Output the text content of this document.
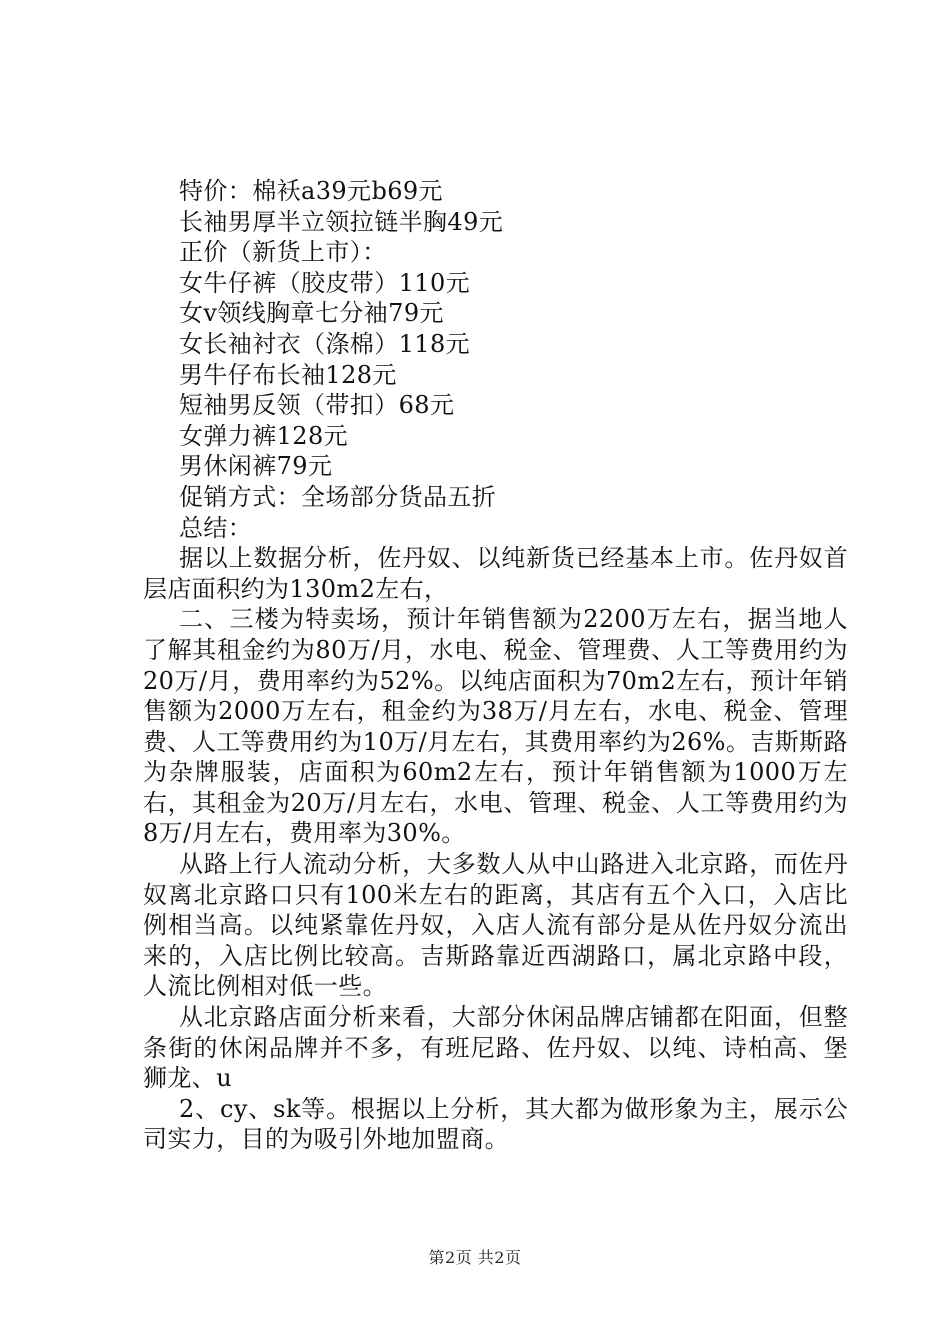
特价：棉袄a39元b69元
长袖男厚半立领拉链半胸49元
正价（新货上市）：
女牛仔裤（胶皮带）110元
女v领线胸章七分袖79元
女长袖衬衣（涤棉）118元
男牛仔布长袖128元
短袖男反领（带扣）68元
女弹力裤128元
男休闲裤79元
促销方式：全场部分货品五折
总结：
据以上数据分析，佐丹奴、以纯新货已经基本上市。佐丹奴首层店面积约为130m2左右，
二、三楼为特卖场，预计年销售额为2200万左右，据当地人了解其租金约为80万/月，水电、税金、管理费、人工等费用约为20万/月，费用率约为52%。以纯店面积为70m2左右，预计年销售额为2000万左右，租金约为38万/月左右，水电、税金、管理费、人工等费用约为10万/月左右，其费用率约为26%。吉斯斯路为杂牌服装，店面积为60m2左右，预计年销售额为1000万左右，其租金为20万/月左右，水电、管理、税金、人工等费用约为8万/月左右，费用率为30%。
从路上行人流动分析，大多数人从中山路进入北京路，而佐丹奴离北京路口只有100米左右的距离，其店有五个入口，入店比例相当高。以纯紧靠佐丹奴，入店人流有部分是从佐丹奴分流出来的，入店比例比较高。吉斯路靠近西湖路口，属北京路中段，人流比例相对低一些。
从北京路店面分析来看，大部分休闲品牌店铺都在阳面，但整条街的休闲品牌并不多，有班尼路、佐丹奴、以纯、诗柏高、堡狮龙、u
2、cy、sk等。根据以上分析，其大都为做形象为主，展示公司实力，目的为吸引外地加盟商。
第2页 共2页
